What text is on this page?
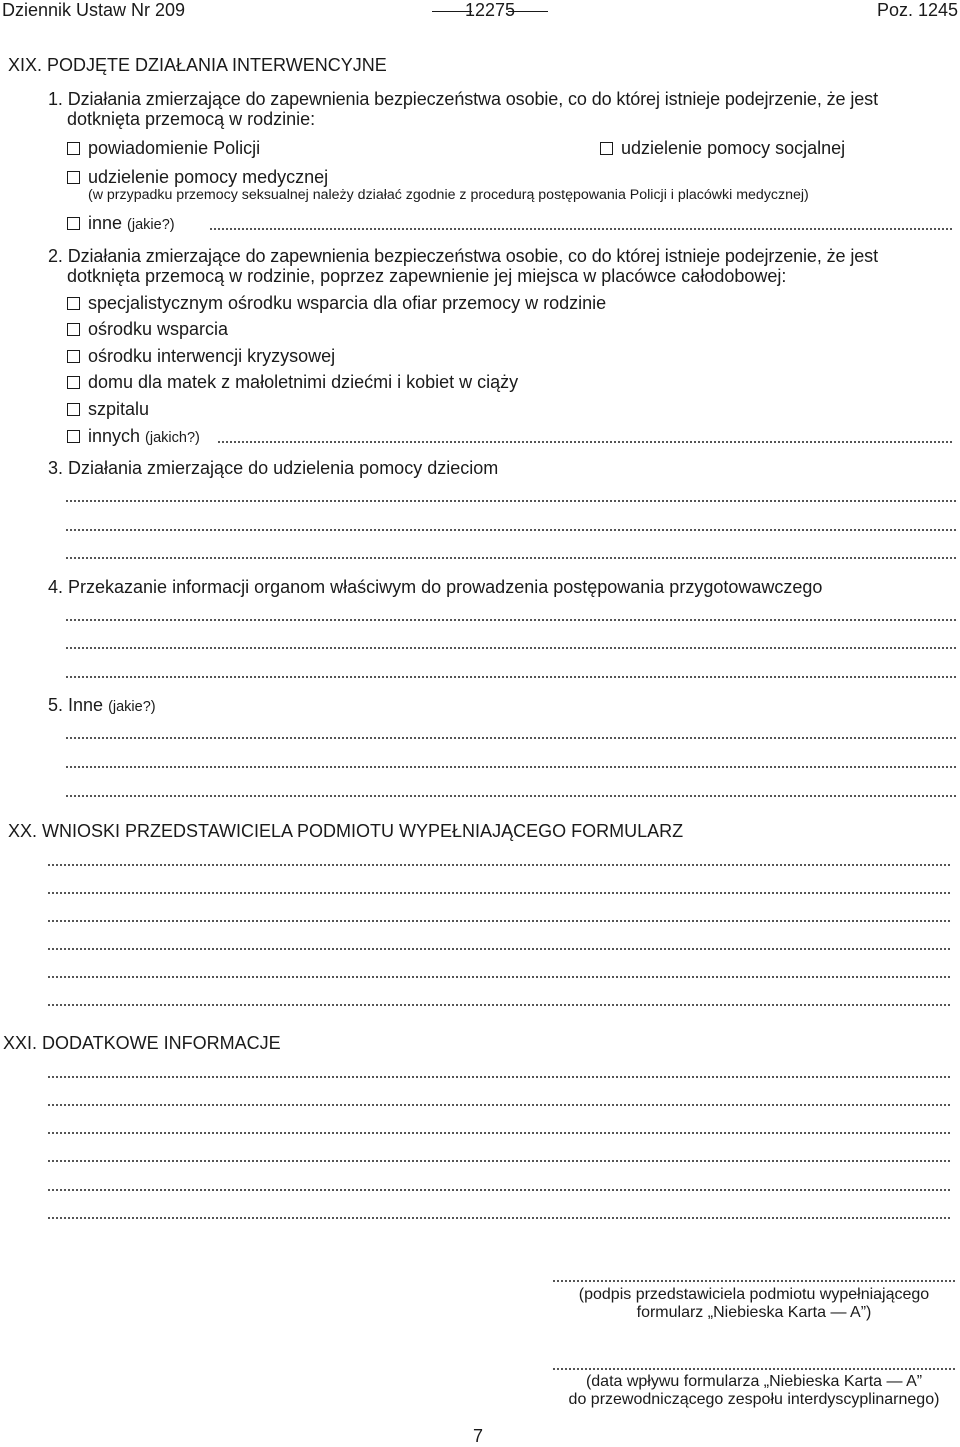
Dziennik Ustaw Nr 209	12275	Poz. 1245
XIX. PODJĘTE DZIAŁANIA INTERWENCYJNE
1. Działania zmierzające do zapewnienia bezpieczeństwa osobie, co do której istnieje podejrzenie, że jest
dotknięta przemocą w rodzinie:
powiadomienie Policji	udzielenie pomocy socjalnej
udzielenie pomocy medycznej
(w przypadku przemocy seksualnej należy działać zgodnie z procedurą postępowania Policji i placówki medycznej)
inne (jakie?)
2. Działania zmierzające do zapewnienia bezpieczeństwa osobie, co do której istnieje podejrzenie, że jest
dotknięta przemocą w rodzinie, poprzez zapewnienie jej miejsca w placówce całodobowej:
specjalistycznym ośrodku wsparcia dla ofiar przemocy w rodzinie
ośrodku wsparcia
ośrodku interwencji kryzysowej
domu dla matek z małoletnimi dziećmi i kobiet w ciąży
szpitalu
innych (jakich?)
3. Działania zmierzające do udzielenia pomocy dzieciom
4. Przekazanie informacji organom właściwym do prowadzenia postępowania przygotowawczego
5. Inne (jakie?)
XX. WNIOSKI PRZEDSTAWICIELA PODMIOTU WYPEŁNIAJĄCEGO FORMULARZ
XXI. DODATKOWE INFORMACJE
(podpis przedstawiciela podmiotu wypełniającego
formularz „Niebieska Karta — A”)
(data wpływu formularza „Niebieska Karta — A”
do przewodniczącego zespołu interdyscyplinarnego)
7
